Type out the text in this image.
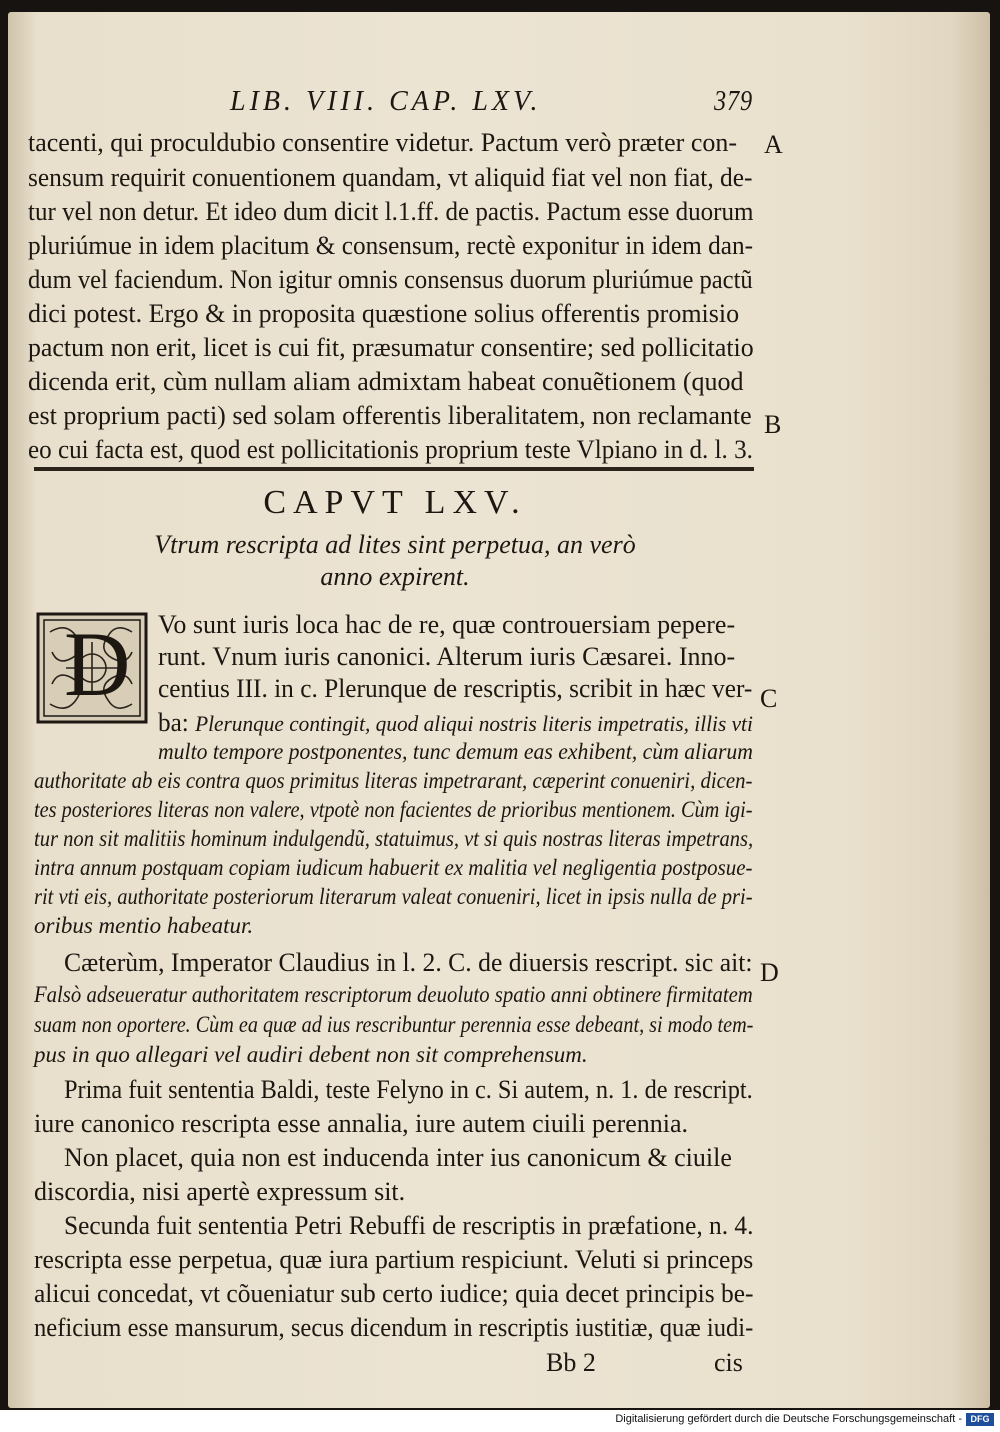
LIB. VIII. CAP. LXV.	379

tacenti, qui proculdubio consentire videtur. Pactum verò præter con-

sensum requirit conuentionem quandam, vt aliquid fiat vel non fiat, de-

tur vel non detur. Et ideo dum dicit l.1.ff. de pactis. Pactum esse duorum

pluriúmue in idem placitum & consensum, rectè exponitur in idem dan-

dum vel faciendum. Non igitur omnis consensus duorum pluriúmue pactũ

dici potest. Ergo & in proposita quæstione solius offerentis promisio

pactum non erit, licet is cui fit, præsumatur consentire; sed pollicitatio

dicenda erit, cùm nullam aliam admixtam habeat conuẽtionem (quod

est proprium pacti) sed solam offerentis liberalitatem, non reclamante

eo cui facta est, quod est pollicitationis proprium teste Vlpiano in d. l. 3.

A
B
C
D

CAPVT LXV.

Vtrum rescripta ad lites sint perpetua, an verò

anno expirent.

D Vo sunt iuris loca hac de re, quæ controuersiam pepere-

runt. Vnum iuris canonici. Alterum iuris Cæsarei. Inno-

centius III. in c. Plerunque de rescriptis, scribit in hæc ver-

ba: Plerunque contingit, quod aliqui nostris literis impetratis, illis vti

multo tempore postponentes, tunc demum eas exhibent, cùm aliarum

authoritate ab eis contra quos primitus literas impetrarant, cæperint conueniri, dicen-

tes posteriores literas non valere, vtpotè non facientes de prioribus mentionem. Cùm igi-

tur non sit malitiis hominum indulgendũ, statuimus, vt si quis nostras literas impetrans,

intra annum postquam copiam iudicum habuerit ex malitia vel negligentia postposue-

rit vti eis, authoritate posteriorum literarum valeat conueniri, licet in ipsis nulla de pri-

oribus mentio habeatur.

Cæterùm, Imperator Claudius in l. 2. C. de diuersis rescript. sic ait:

Falsò adseueratur authoritatem rescriptorum deuoluto spatio anni obtinere firmitatem

suam non oportere. Cùm ea quæ ad ius rescribuntur perennia esse debeant, si modo tem-

pus in quo allegari vel audiri debent non sit comprehensum.

Prima fuit sententia Baldi, teste Felyno in c. Si autem, n. 1. de rescript.

iure canonico rescripta esse annalia, iure autem ciuili perennia.

Non placet, quia non est inducenda inter ius canonicum & ciuile

discordia, nisi apertè expressum sit.

Secunda fuit sententia Petri Rebuffi de rescriptis in præfatione, n. 4.

rescripta esse perpetua, quæ iura partium respiciunt. Veluti si princeps

alicui concedat, vt cõueniatur sub certo iudice; quia decet principis be-

neficium esse mansurum, secus dicendum in rescriptis iustitiæ, quæ iudi-

Bb 2	cis

Digitalisierung gefördert durch die Deutsche Forschungsgemeinschaft - DFG
